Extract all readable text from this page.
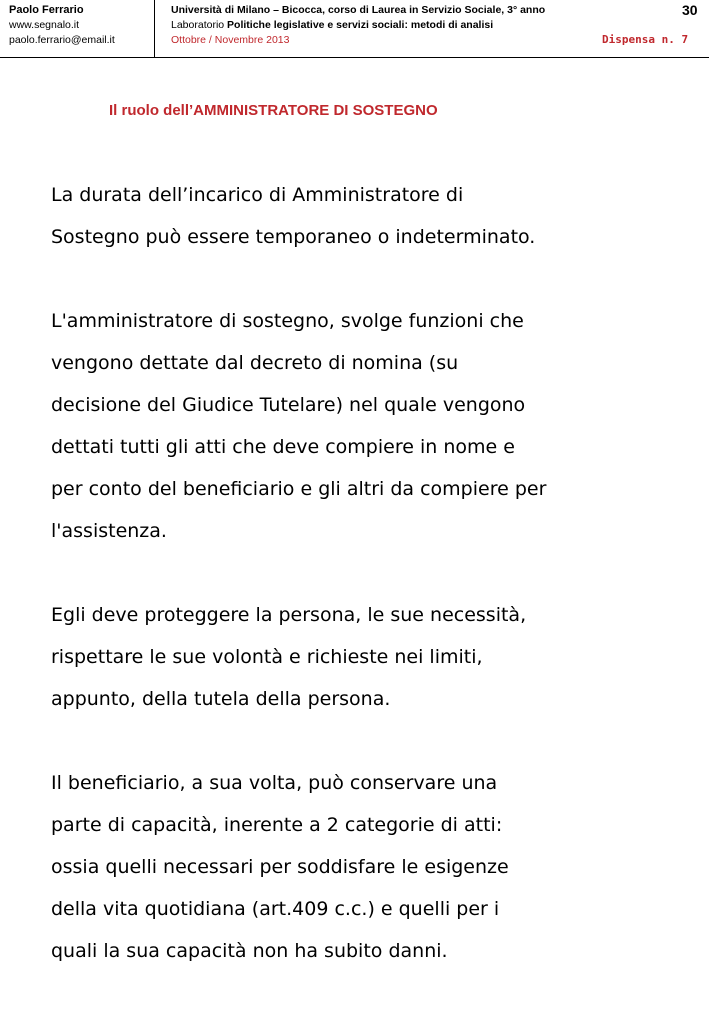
Paolo Ferrario
www.segnalo.it
paolo.ferrario@email.it
Università di Milano – Bicocca, corso di Laurea in Servizio Sociale, 3° anno
Laboratorio Politiche legislative e servizi sociali: metodi di analisi
Ottobre / Novembre 2013
30
Dispensa n. 7
Il ruolo dell’AMMINISTRATORE DI SOSTEGNO
La durata dell’incarico di Amministratore di
Sostegno può essere temporaneo o indeterminato.
L'amministratore di sostegno, svolge funzioni che
vengono dettate dal decreto di nomina (su
decisione del Giudice Tutelare) nel quale vengono
dettati tutti gli atti che deve compiere in nome e
per conto del beneficiario e gli altri da compiere per
l'assistenza.
Egli deve proteggere la persona, le sue necessità,
rispettare le sue volontà e richieste nei limiti,
appunto, della tutela della persona.
Il beneficiario, a sua volta, può conservare una
parte di capacità, inerente a 2 categorie di atti:
ossia quelli necessari per soddisfare le esigenze
della vita quotidiana (art.409 c.c.) e quelli per i
quali la sua capacità non ha subito danni.
